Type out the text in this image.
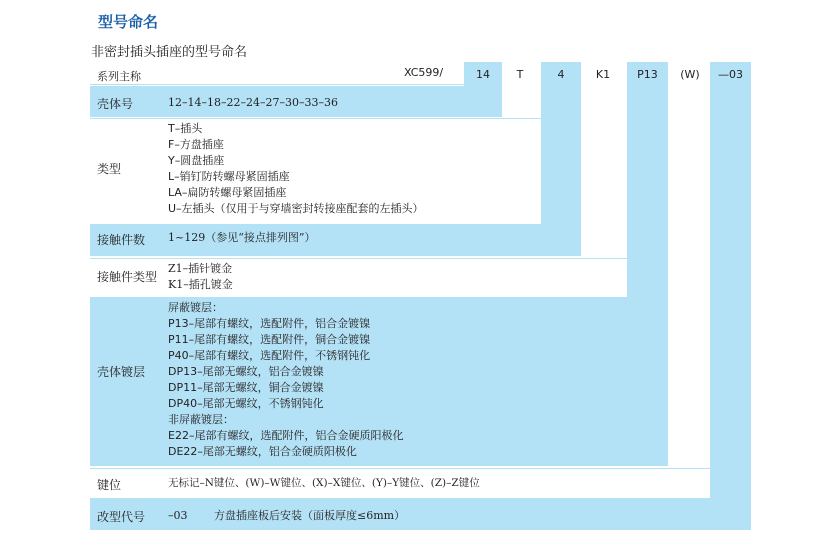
型号命名
非密封插头插座的型号命名
系列主称	XC599/	14	T	4	K1	P13	(W)	—03
壳体号	12–14–18–22–24–27–30–33–36
类型
T–插头
F–方盘插座
Y–圆盘插座
L–销钉防转螺母紧固插座
LA–扁防转螺母紧固插座
U–左插头（仅用于与穿墙密封转接座配套的左插头）
接触件数 1~129（参见“接点排列图”）
接触件类型
Z1–插针镀金
K1–插孔镀金
壳体镀层
屏蔽镀层：
P13–尾部有螺纹，选配附件，铝合金镀镍
P11–尾部有螺纹，选配附件，铜合金镀镍
P40–尾部有螺纹，选配附件，不锈钢钝化
DP13–尾部无螺纹，铝合金镀镍
DP11–尾部无螺纹，铜合金镀镍
DP40–尾部无螺纹，不锈钢钝化
非屏蔽镀层：
E22–尾部有螺纹，选配附件，铝合金硬质阳极化
DE22–尾部无螺纹，铝合金硬质阳极化
键位	无标记–N键位、(W)–W键位、(X)–X键位、(Y)–Y键位、(Z)–Z键位
改型代号 –03 方盘插座板后安装（面板厚度≤6mm）
